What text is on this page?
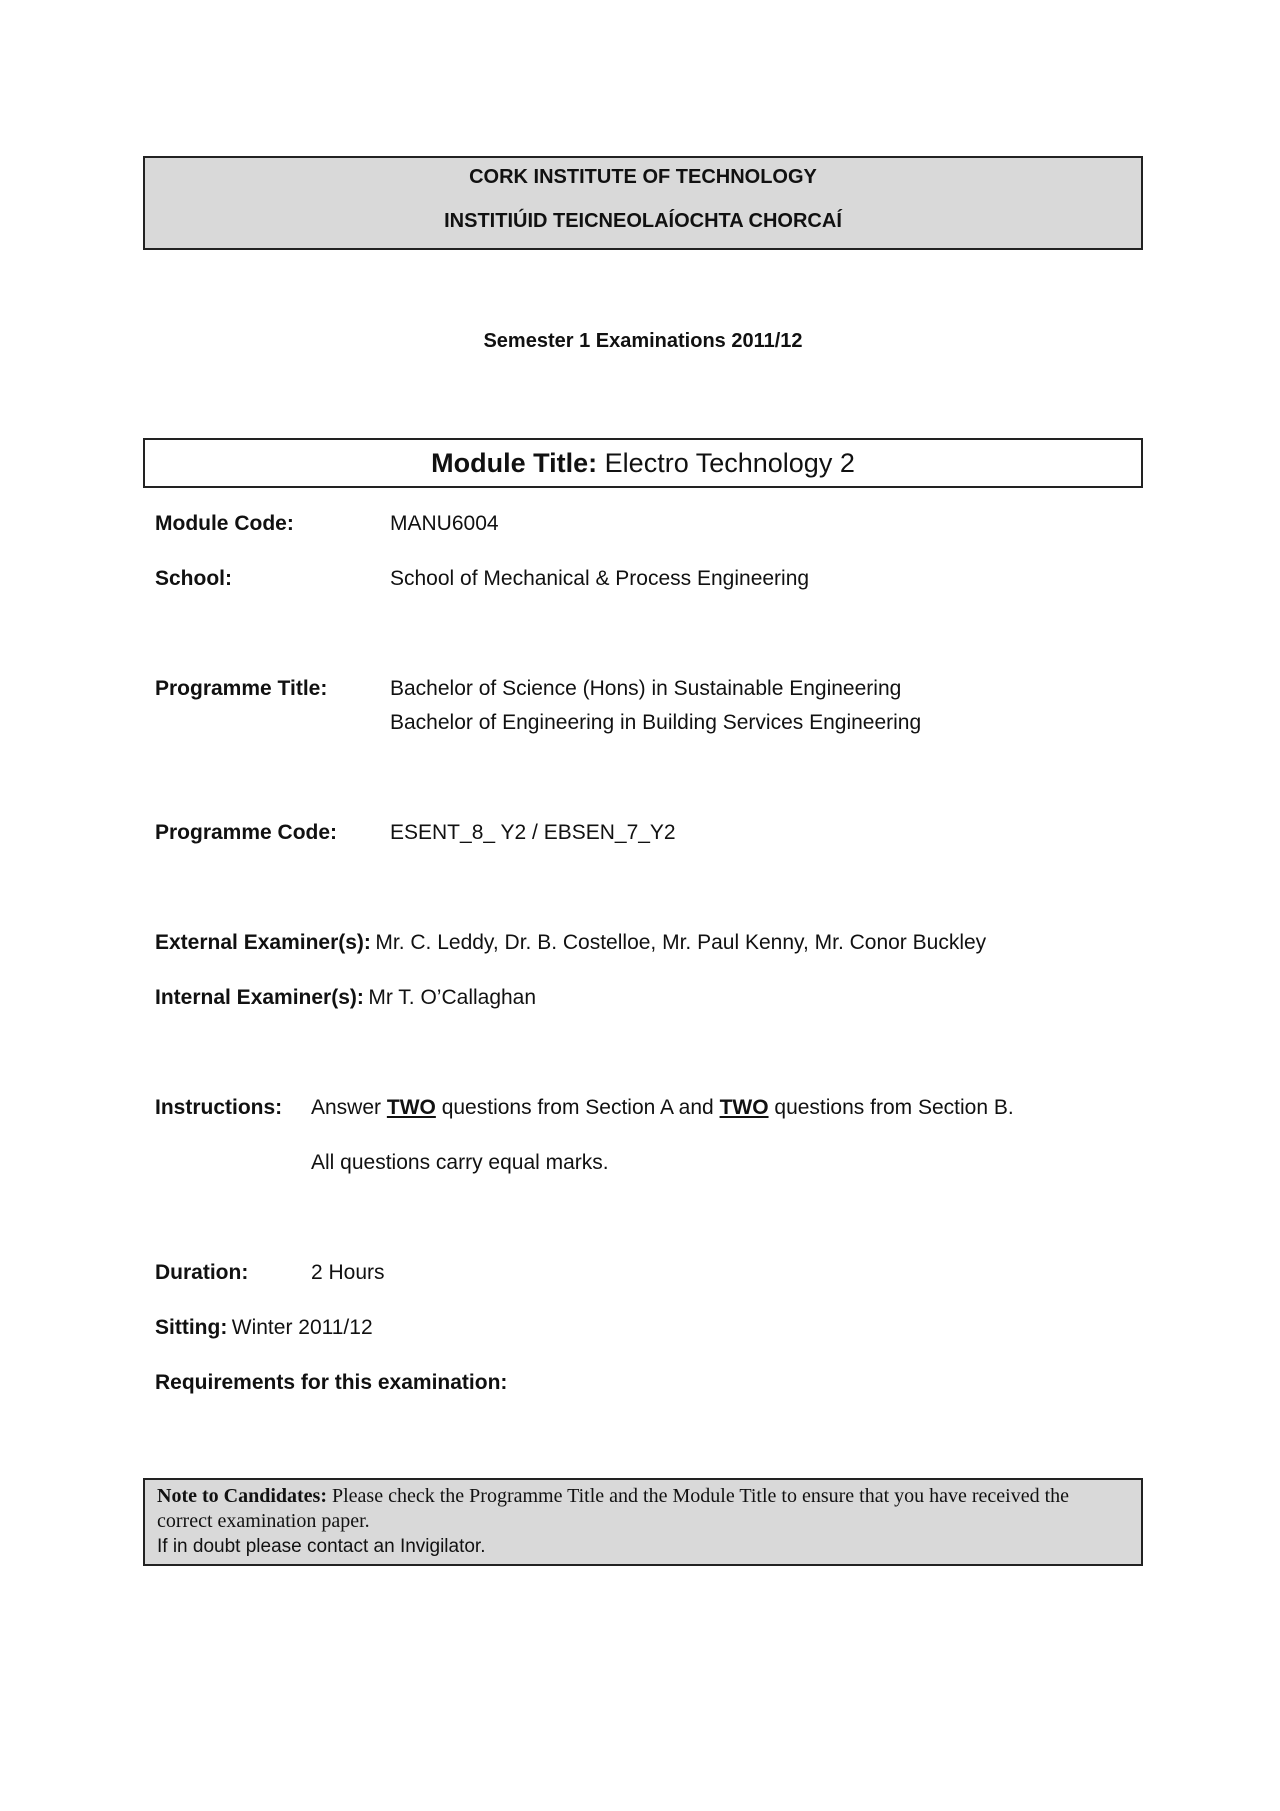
CORK INSTITUTE OF TECHNOLOGY
INSTITIÚID TEICNEOLAÍOCHTA CHORCAÍ
Semester 1 Examinations 2011/12
Module Title: Electro Technology 2
Module Code:	MANU6004
School:	School of Mechanical & Process Engineering
Programme Title:	Bachelor of Science (Hons) in Sustainable Engineering
Bachelor of Engineering in Building Services Engineering
Programme Code:	ESENT_8_ Y2 / EBSEN_7_Y2
External Examiner(s): Mr. C. Leddy, Dr. B. Costelloe, Mr. Paul Kenny, Mr. Conor Buckley
Internal Examiner(s): Mr T. O’Callaghan
Instructions: Answer TWO questions from Section A and TWO questions from Section B.
All questions carry equal marks.
Duration:	2 Hours
Sitting: Winter 2011/12
Requirements for this examination:
Note to Candidates: Please check the Programme Title and the Module Title to ensure that you have received the correct examination paper.
If in doubt please contact an Invigilator.
